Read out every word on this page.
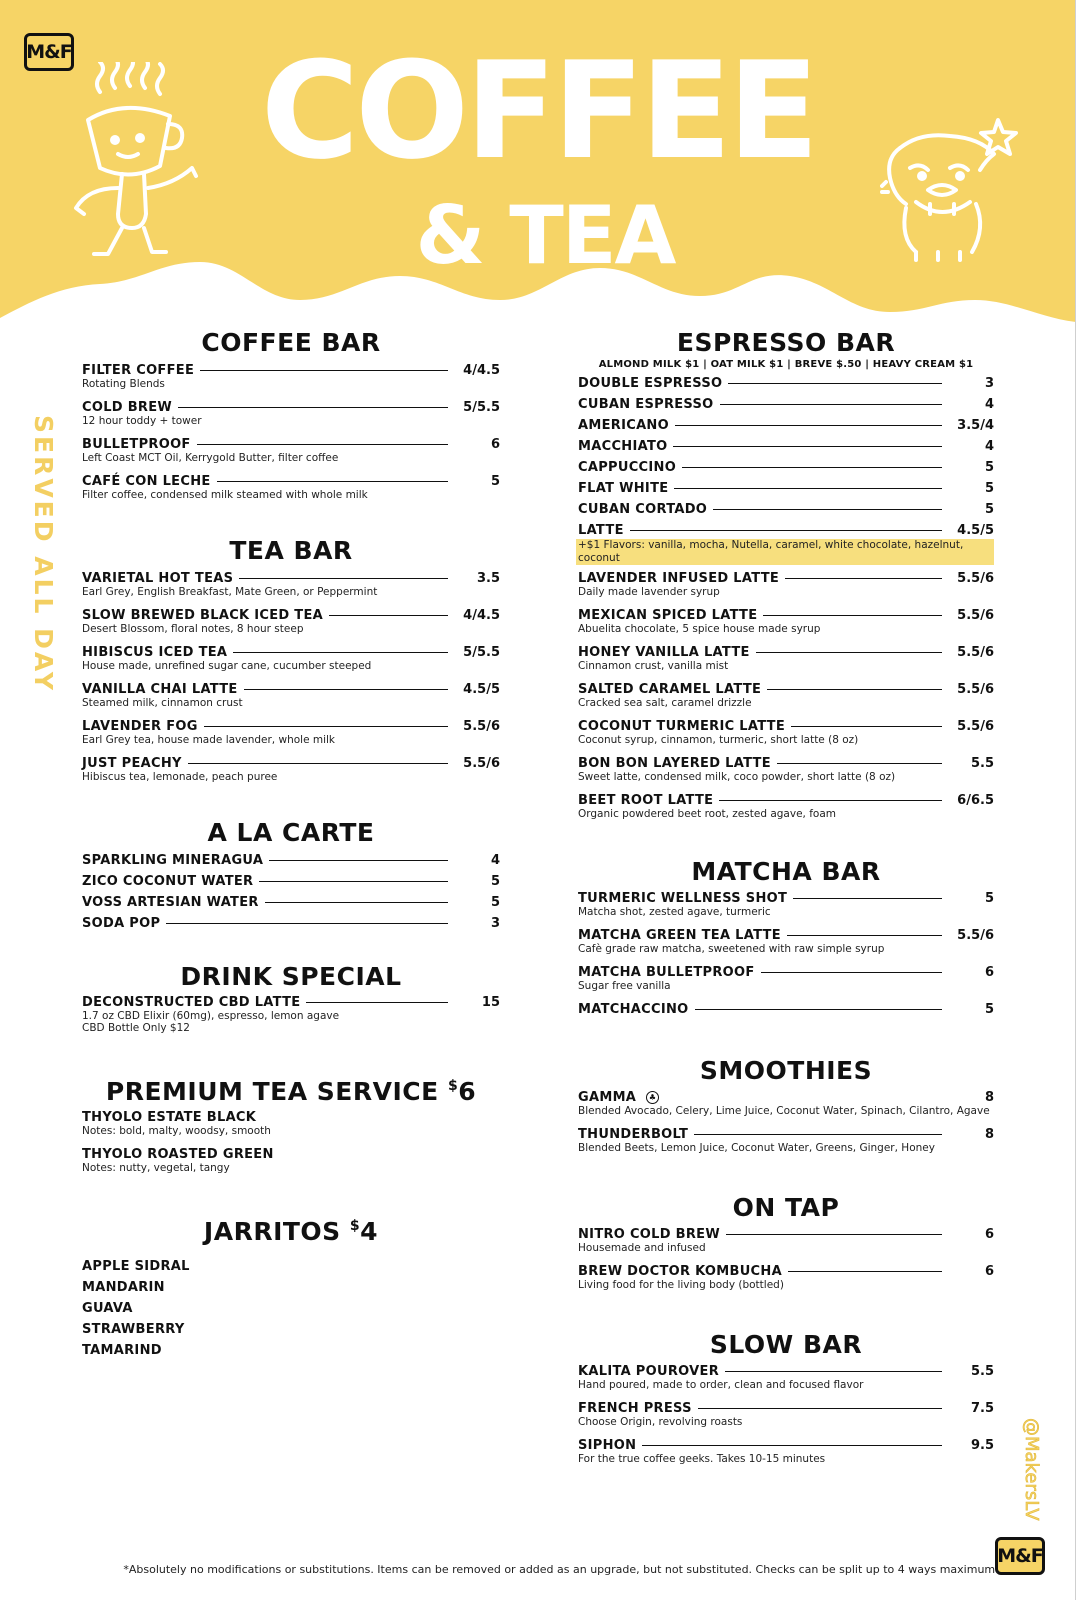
M&F	COFFEE
& TEA
SERVED ALL DAY
COFFEE BAR
FILTER COFFEE	4/4.5
Rotating Blends
COLD BREW	5/5.5
12 hour toddy + tower
BULLETPROOF	6
Left Coast MCT Oil, Kerrygold Butter, filter coffee
CAFÉ CON LECHE	5
Filter coffee, condensed milk steamed with whole milk
TEA BAR
VARIETAL HOT TEAS	3.5
Earl Grey, English Breakfast, Mate Green, or Peppermint
SLOW BREWED BLACK ICED TEA	4/4.5
Desert Blossom, floral notes, 8 hour steep
HIBISCUS ICED TEA	5/5.5
House made, unrefined sugar cane, cucumber steeped
VANILLA CHAI LATTE	4.5/5
Steamed milk, cinnamon crust
LAVENDER FOG	5.5/6
Earl Grey tea, house made lavender, whole milk
JUST PEACHY	5.5/6
Hibiscus tea, lemonade, peach puree
A LA CARTE
SPARKLING MINERAGUA	4
ZICO COCONUT WATER	5
VOSS ARTESIAN WATER	5
SODA POP	3
DRINK SPECIAL
DECONSTRUCTED CBD LATTE	15
1.7 oz CBD Elixir (60mg), espresso, lemon agave
CBD Bottle Only $12
PREMIUM TEA SERVICE $6
THYOLO ESTATE BLACK
Notes: bold, malty, woodsy, smooth
THYOLO ROASTED GREEN
Notes: nutty, vegetal, tangy
JARRITOS $4
APPLE SIDRAL
MANDARIN
GUAVA
STRAWBERRY
TAMARIND
ESPRESSO BAR
ALMOND MILK $1 | OAT MILK $1 | BREVE $.50 | HEAVY CREAM $1
DOUBLE ESPRESSO	3
CUBAN ESPRESSO	4
AMERICANO	3.5/4
MACCHIATO	4
CAPPUCCINO	5
FLAT WHITE	5
CUBAN CORTADO	5
LATTE	4.5/5
+$1 Flavors: vanilla, mocha, Nutella, caramel, white chocolate, hazelnut, coconut
LAVENDER INFUSED LATTE	5.5/6
Daily made lavender syrup
MEXICAN SPICED LATTE	5.5/6
Abuelita chocolate, 5 spice house made syrup
HONEY VANILLA LATTE	5.5/6
Cinnamon crust, vanilla mist
SALTED CARAMEL LATTE	5.5/6
Cracked sea salt, caramel drizzle
COCONUT TURMERIC LATTE	5.5/6
Coconut syrup, cinnamon, turmeric, short latte (8 oz)
BON BON LAYERED LATTE	5.5
Sweet latte, condensed milk, coco powder, short latte (8 oz)
BEET ROOT LATTE	6/6.5
Organic powdered beet root, zested agave, foam
MATCHA BAR
TURMERIC WELLNESS SHOT	5
Matcha shot, zested agave, turmeric
MATCHA GREEN TEA LATTE	5.5/6
Cafè grade raw matcha, sweetened with raw simple syrup
MATCHA BULLETPROOF	6
Sugar free vanilla
MATCHACCINO	5
SMOOTHIES
GAMMA ♣	8
Blended Avocado, Celery, Lime Juice, Coconut Water, Spinach, Cilantro, Agave
THUNDERBOLT	8
Blended Beets, Lemon Juice, Coconut Water, Greens, Ginger, Honey
ON TAP
NITRO COLD BREW	6
Housemade and infused
BREW DOCTOR KOMBUCHA	6
Living food for the living body (bottled)
SLOW BAR
KALITA POUROVER	5.5
Hand poured, made to order, clean and focused flavor
FRENCH PRESS	7.5
Choose Origin, revolving roasts
SIPHON	9.5
For the true coffee geeks. Takes 10-15 minutes	@MakersLV
M&F
*Absolutely no modifications or substitutions. Items can be removed or added as an upgrade, but not substituted. Checks can be split up to 4 ways maximum.
